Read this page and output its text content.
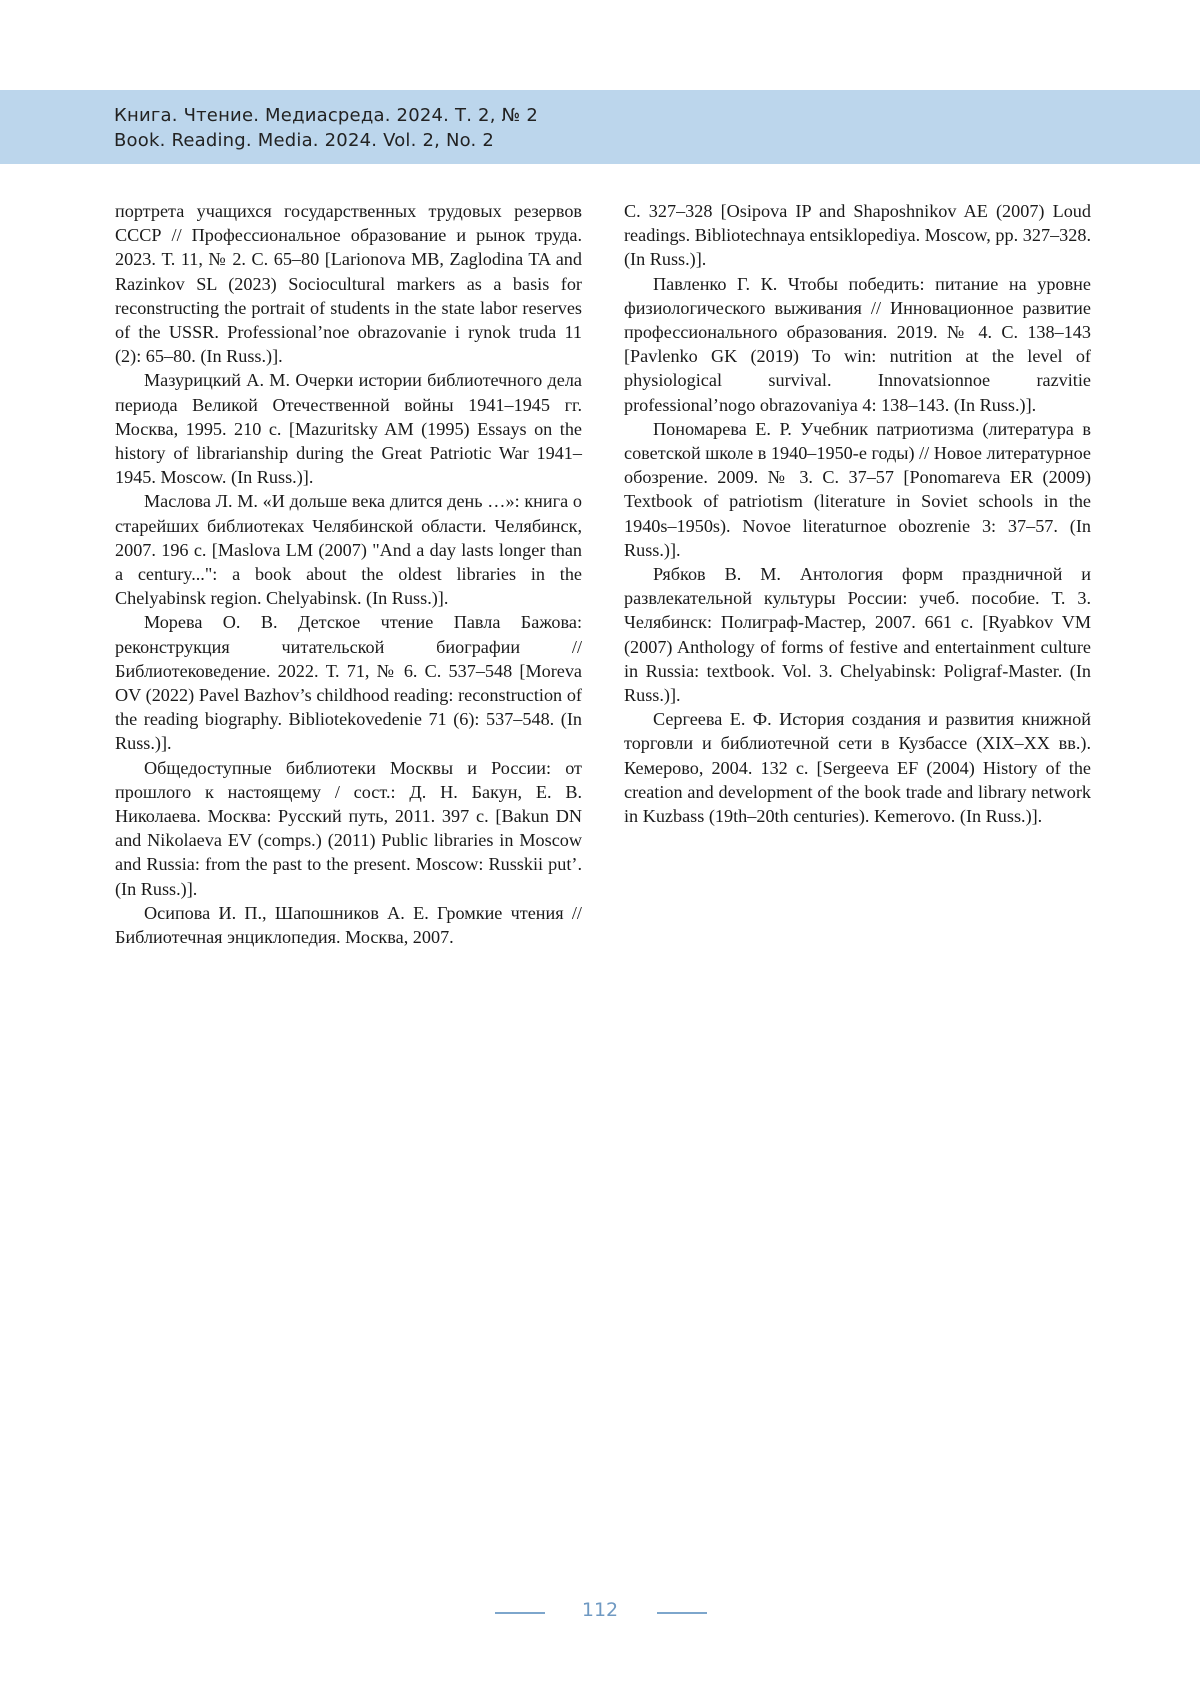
Книга. Чтение. Медиасреда. 2024. Т. 2, № 2
Book. Reading. Media. 2024. Vol. 2, No. 2

портрета учащихся государственных трудовых резервов СССР // Профессиональное образование и рынок труда. 2023. Т. 11, № 2. С. 65–80 [Larionova MB, Zaglodina TA and Razinkov SL (2023) Sociocultural markers as a basis for reconstructing the portrait of students in the state labor reserves of the USSR. Professional’noe obrazovanie i rynok truda 11 (2): 65–80. (In Russ.)].

Мазурицкий А. М. Очерки истории библиотечного дела периода Великой Отечественной войны 1941–1945 гг. Москва, 1995. 210 с. [Mazuritsky AM (1995) Essays on the history of librarianship during the Great Patriotic War 1941–1945. Moscow. (In Russ.)].

Маслова Л. М. «И дольше века длится день …»: книга о старейших библиотеках Челябинской области. Челябинск, 2007. 196 с. [Maslova LM (2007) "And a day lasts longer than a century...": a book about the oldest libraries in the Chelyabinsk region. Chelyabinsk. (In Russ.)].

Морева О. В. Детское чтение Павла Бажова: реконструкция читательской биографии // Библиотековедение. 2022. Т. 71, № 6. С. 537–548 [Moreva OV (2022) Pavel Bazhov’s childhood reading: reconstruction of the reading biography. Bibliotekovedenie 71 (6): 537–548. (In Russ.)].

Общедоступные библиотеки Москвы и России: от прошлого к настоящему / сост.: Д. Н. Бакун, Е. В. Николаева. Москва: Русский путь, 2011. 397 с. [Bakun DN and Nikolaeva EV (comps.) (2011) Public libraries in Moscow and Russia: from the past to the present. Moscow: Russkii put’. (In Russ.)].

Осипова И. П., Шапошников А. Е. Громкие чтения // Библиотечная энциклопедия. Москва, 2007.

С. 327–328 [Osipova IP and Shaposhnikov AE (2007) Loud readings. Bibliotechnaya entsiklopediya. Moscow, pp. 327–328. (In Russ.)].

Павленко Г. К. Чтобы победить: питание на уровне физиологического выживания // Инновационное развитие профессионального образования. 2019. № 4. С. 138–143 [Pavlenko GK (2019) To win: nutrition at the level of physiological survival. Innovatsionnoe razvitie professional’nogo obrazovaniya 4: 138–143. (In Russ.)].

Пономарева Е. Р. Учебник патриотизма (литература в советской школе в 1940–1950-е годы) // Новое литературное обозрение. 2009. № 3. С. 37–57 [Ponomareva ER (2009) Textbook of patriotism (literature in Soviet schools in the 1940s–1950s). Novoe literaturnoe obozrenie 3: 37–57. (In Russ.)].

Рябков В. М. Антология форм праздничной и развлекательной культуры России: учеб. пособие. Т. 3. Челябинск: Полиграф-Мастер, 2007. 661 с. [Ryabkov VM (2007) Anthology of forms of festive and entertainment culture in Russia: textbook. Vol. 3. Chelyabinsk: Poligraf-Master. (In Russ.)].

Сергеева Е. Ф. История создания и развития книжной торговли и библиотечной сети в Кузбассе (XIX–XX вв.). Кемерово, 2004. 132 с. [Sergeeva EF (2004) History of the creation and development of the book trade and library network in Kuzbass (19th–20th centuries). Kemerovo. (In Russ.)].

112
